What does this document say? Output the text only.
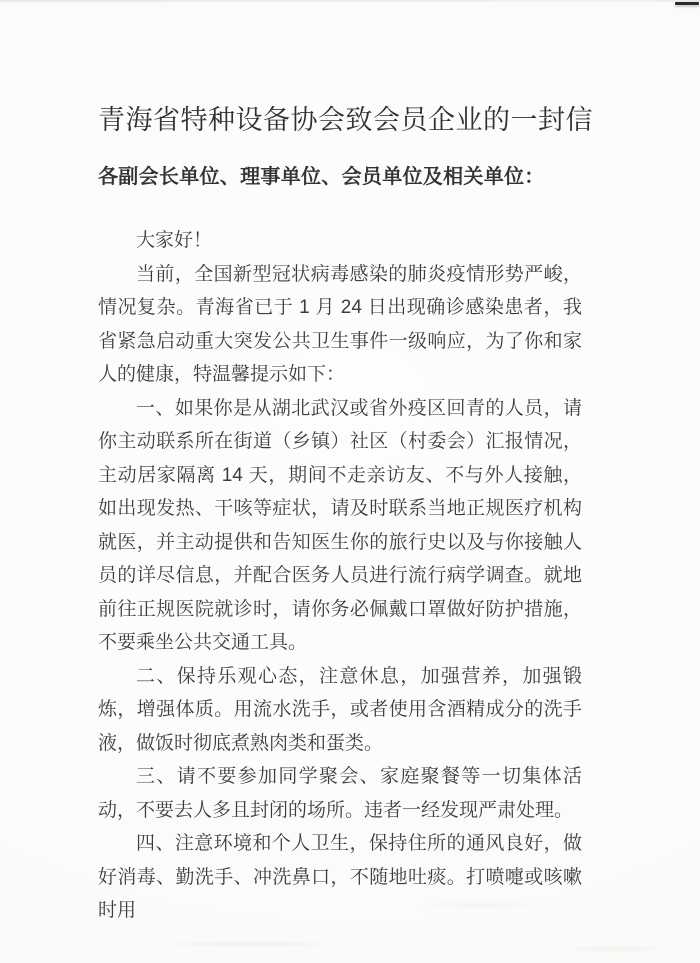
青海省特种设备协会致会员企业的一封信
各副会长单位、理事单位、会员单位及相关单位：

大家好！

当前，全国新型冠状病毒感染的肺炎疫情形势严峻，情况复杂。青海省已于 1 月 24 日出现确诊感染患者，我省紧急启动重大突发公共卫生事件一级响应，为了你和家人的健康，特温馨提示如下：

一、如果你是从湖北武汉或省外疫区回青的人员，请你主动联系所在街道（乡镇）社区（村委会）汇报情况，主动居家隔离 14 天，期间不走亲访友、不与外人接触，如出现发热、干咳等症状，请及时联系当地正规医疗机构就医，并主动提供和告知医生你的旅行史以及与你接触人员的详尽信息，并配合医务人员进行流行病学调查。就地前往正规医院就诊时，请你务必佩戴口罩做好防护措施，不要乘坐公共交通工具。

二、保持乐观心态，注意休息，加强营养，加强锻炼，增强体质。用流水洗手，或者使用含酒精成分的洗手液，做饭时彻底煮熟肉类和蛋类。

三、请不要参加同学聚会、家庭聚餐等一切集体活动，不要去人多且封闭的场所。违者一经发现严肃处理。

四、注意环境和个人卫生，保持住所的通风良好，做好消毒、勤洗手、冲洗鼻口，不随地吐痰。打喷嚏或咳嗽时用
